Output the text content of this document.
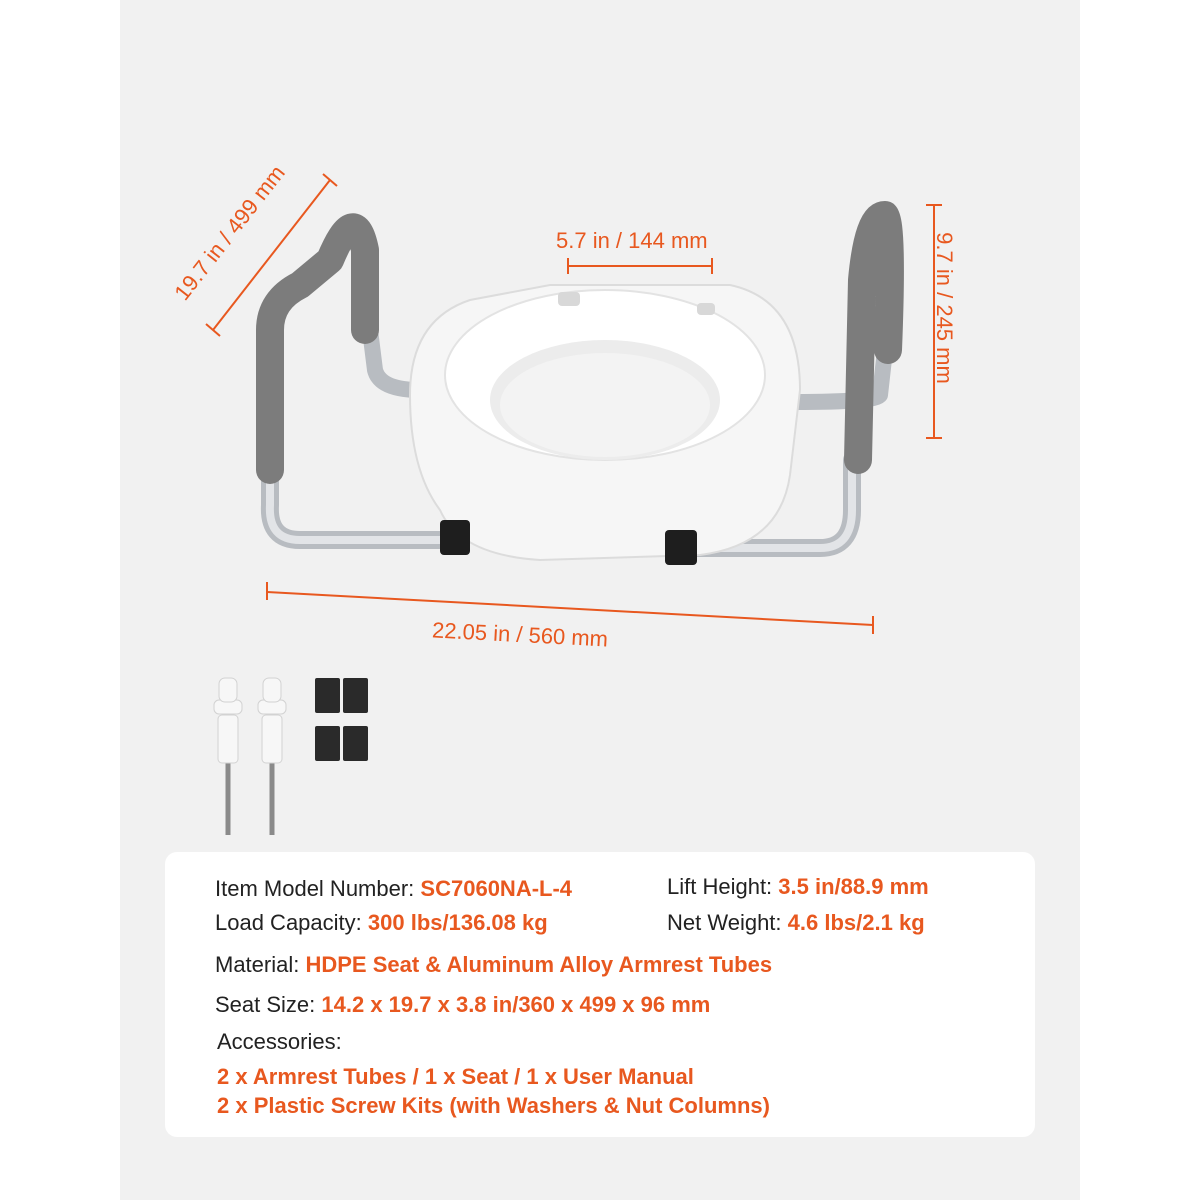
19.7 in / 499 mm	5.7 in / 144 mm	9.7 in / 245 mm
22.05 in / 560 mm
Item Model Number: SC7060NA-L-4	Lift Height: 3.5 in/88.9 mm
Load Capacity: 300 lbs/136.08 kg	Net Weight: 4.6 lbs/2.1 kg
Material: HDPE Seat & Aluminum Alloy Armrest Tubes
Seat Size: 14.2 x 19.7 x 3.8 in/360 x 499 x 96 mm
Accessories:
2 x Armrest Tubes / 1 x Seat / 1 x User Manual
2 x Plastic Screw Kits (with Washers & Nut Columns)
